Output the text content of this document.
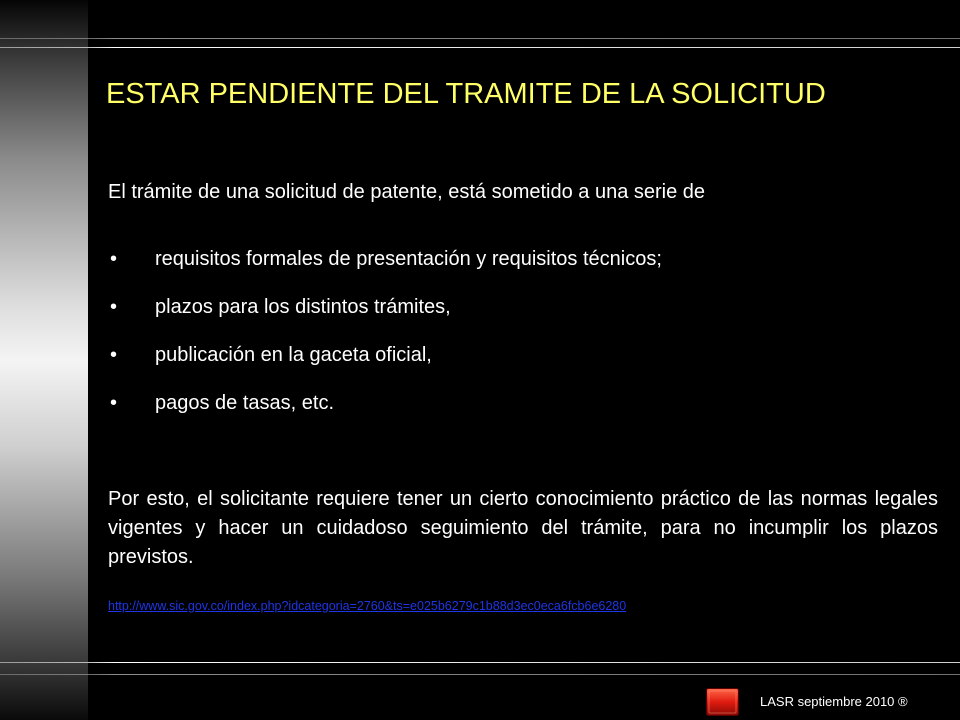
ESTAR PENDIENTE DEL TRAMITE DE LA SOLICITUD
El trámite de una solicitud de patente, está sometido a una serie de
• requisitos formales de presentación y requisitos técnicos;
• plazos para los distintos trámites,
• publicación en la gaceta oficial,
• pagos de tasas, etc.

Por esto, el solicitante requiere tener un cierto conocimiento práctico de las normas legales vigentes y hacer un cuidadoso seguimiento del trámite, para no incumplir los plazos previstos.

http://www.sic.gov.co/index.php?idcategoria=2760&ts=e025b6279c1b88d3ec0eca6fcb6e6280
LASR septiembre 2010 ®
